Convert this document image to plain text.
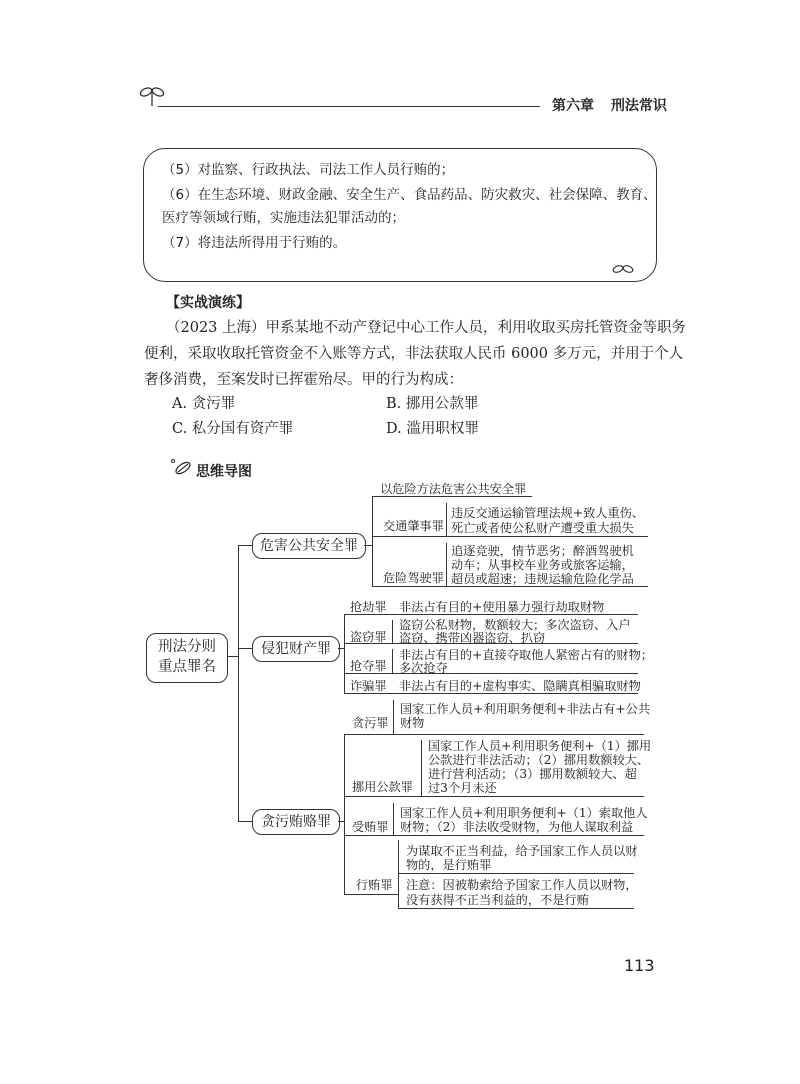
第六章 刑法常识

（5）对监察、行政执法、司法工作人员行贿的；

（6）在生态环境、财政金融、安全生产、食品药品、防灾救灾、社会保障、教育、

医疗等领域行贿，实施违法犯罪活动的；

（7）将违法所得用于行贿的。

【实战演练】
（2023 上海）甲系某地不动产登记中心工作人员，利用收取买房托管资金等职务
便利，采取收取托管资金不入账等方式，非法获取人民币 6000 多万元，并用于个人
奢侈消费，至案发时已挥霍殆尽。甲的行为构成：
A. 贪污罪	B. 挪用公款罪
C. 私分国有资产罪	D. 滥用职权罪
思维导图
刑法分则
重点罪名
危害公共安全罪
以危险方法危害公共安全罪
交通肇事罪
违反交通运输管理法规+致人重伤、
死亡或者使公私财产遭受重大损失
危险驾驶罪
追逐竞驶，情节恶劣；醉酒驾驶机
动车；从事校车业务或旅客运输，
超员或超速；违规运输危险化学品
侵犯财产罪
抢劫罪 非法占有目的+使用暴力强行劫取财物
盗窃罪
盗窃公私财物，数额较大；多次盗窃、入户
盗窃、携带凶器盗窃、扒窃
抢夺罪
非法占有目的+直接夺取他人紧密占有的财物；
多次抢夺
诈骗罪 非法占有目的+虚构事实、隐瞒真相骗取财物
贪污贿赂罪
贪污罪
国家工作人员+利用职务便利+非法占有+公共
财物
挪用公款罪
国家工作人员+利用职务便利+（1）挪用
公款进行非法活动；（2）挪用数额较大、
进行营利活动；（3）挪用数额较大、超
过3个月未还
受贿罪
国家工作人员+利用职务便利+（1）索取他人
财物；（2）非法收受财物，为他人谋取利益
行贿罪
为谋取不正当利益，给予国家工作人员以财
物的，是行贿罪
注意：因被勒索给予国家工作人员以财物，
没有获得不正当利益的，不是行贿
113
